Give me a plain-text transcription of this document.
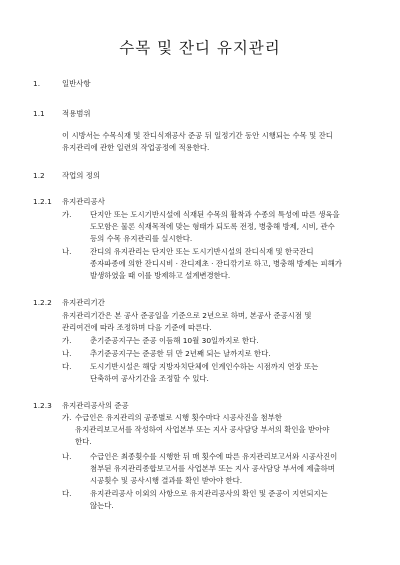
수목 및 잔디 유지관리
1.	일반사항
1.1 적용범위
이 시방서는 수목식재 및 잔디식재공사 준공 뒤 일정기간 동안 시행되는 수목 및 잔디
유지관리에 관한 일련의 작업공정에 적용한다.
1.2 작업의 정의
1.2.1 유지관리공사
가.	단지안 또는 도시기반시설에 식재된 수목의 활착과 수종의 특성에 따른 생육을
도모함은 물론 식재목적에 맞는 형태가 되도록 전정, 병충해 방제, 시비, 관수
등의 수목 유지관리를 실시한다.
나.	잔디의 유지관리는 단지안 또는 도시기반시설의 잔디식재 및 한국잔디
종자파종에 의한 잔디시비 · 잔디제초 · 잔디깎기로 하고, 병충해 방제는 피해가
발생하였을 때 이를 방제하고 설계변경한다.
1.2.2 유지관리기간
유지관리기간은 본 공사 준공일을 기준으로 2년으로 하며, 본공사 준공시점 및
관리여건에 따라 조정하며 다음 기준에 따른다.
가.	춘기준공지구는 준공 이듬해 10월 30일까지로 한다.
나.	추기준공지구는 준공한 뒤 만 2년째 되는 날까지로 한다.
다.	도시기반시설은 해당 지방자치단체에 인계인수하는 시점까지 연장 또는
단축하여 공사기간을 조정할 수 있다.
1.2.3 유지관리공사의 준공
가. 수급인은 유지관리의 공종별로 시행 횟수마다 시공사진을 첨부한
유지관리보고서를 작성하여 사업본부 또는 지사 공사담당 부서의 확인을 받아야
한다.
나.	수급인은 최종횟수를 시행한 뒤 매 횟수에 따른 유지관리보고서와 시공사진이
첨부된 유지관리종합보고서를 사업본부 또는 지사 공사담당 부서에 제출하며
시공횟수 및 공사시행 결과를 확인 받아야 한다.
다.	유지관리공사 이외의 사항으로 유지관리공사의 확인 및 준공이 지연되지는
않는다.
